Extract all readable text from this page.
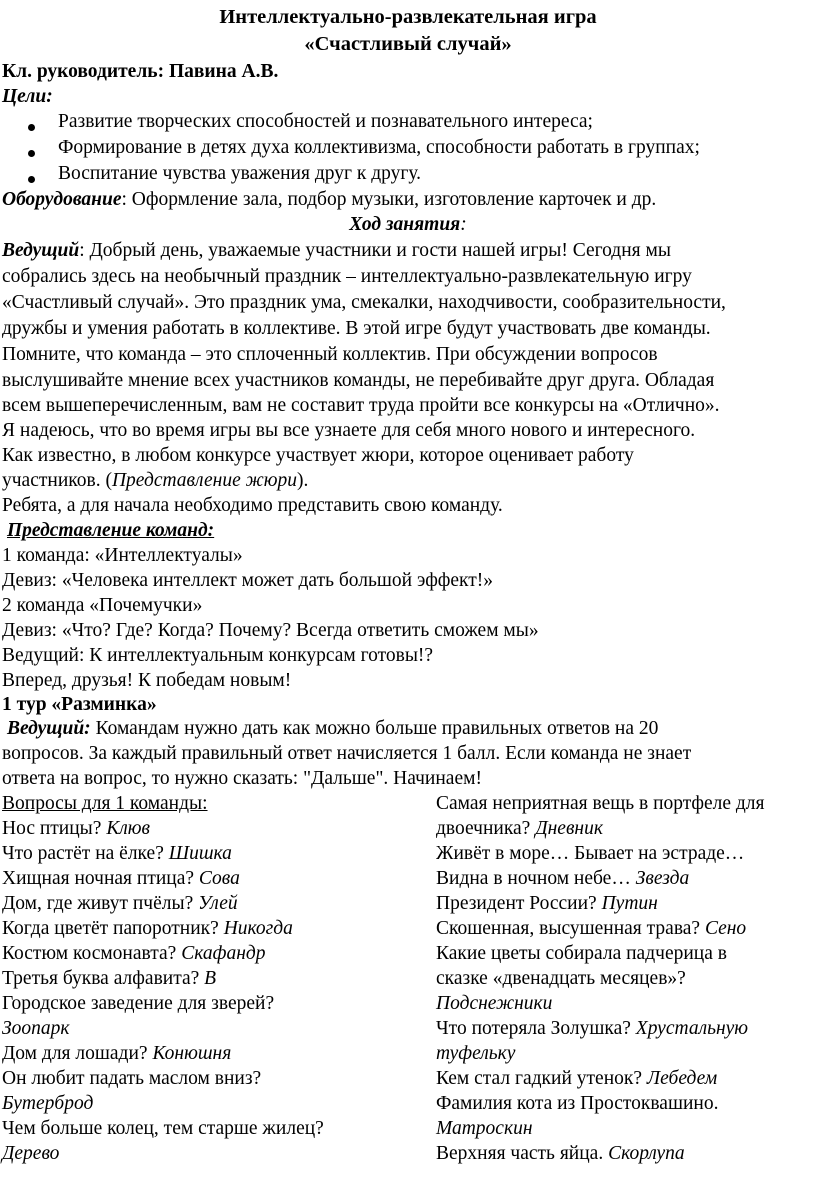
Интеллектуально-развлекательная игра
«Счастливый случай»
Кл. руководитель: Павина А.В.
Цели:
Развитие творческих способностей и познавательного интереса;
Формирование в детях духа коллективизма, способности работать в группах;
Воспитание чувства уважения друг к другу.
Оборудование: Оформление зала, подбор музыки, изготовление карточек и др.
Ход занятия:
Ведущий: Добрый день, уважаемые участники и гости нашей игры! Сегодня мы
собрались здесь на необычный праздник – интеллектуально-развлекательную игру
«Счастливый случай». Это праздник ума, смекалки, находчивости, сообразительности,
дружбы и умения работать в коллективе. В этой игре будут участвовать две команды.
Помните, что команда – это сплоченный коллектив. При обсуждении вопросов
выслушивайте мнение всех участников команды, не перебивайте друг друга. Обладая
всем вышеперечисленным, вам не составит труда пройти все конкурсы на «Отлично».
Я надеюсь, что во время игры вы все узнаете для себя много нового и интересного.
Как известно, в любом конкурсе участвует жюри, которое оценивает работу
участников. (Представление жюри).
Ребята, а для начала необходимо представить свою команду.
Представление команд:
1 команда: «Интеллектуалы»
Девиз: «Человека интеллект может дать большой эффект!»
2 команда «Почемучки»
Девиз: «Что? Где? Когда? Почему? Всегда ответить сможем мы»
Ведущий: К интеллектуальным конкурсам готовы!?
Вперед, друзья! К победам новым!
1 тур «Разминка»
Ведущий: Командам нужно дать как можно больше правильных ответов на 20
вопросов. За каждый правильный ответ начисляется 1 балл. Если команда не знает
ответа на вопрос, то нужно сказать: "Дальше". Начинаем!
Вопросы для 1 команды:
Нос птицы? Клюв
Что растёт на ёлке? Шишка
Хищная ночная птица? Сова
Дом, где живут пчёлы? Улей
Когда цветёт папоротник? Никогда
Костюм космонавта? Скафандр
Третья буква алфавита? В
Городское заведение для зверей?
Зоопарк
Дом для лошади? Конюшня
Он любит падать маслом вниз?
Бутерброд
Чем больше колец, тем старше жилец?
Дерево
Самая неприятная вещь в портфеле для
двоечника? Дневник
Живёт в море… Бывает на эстраде…
Видна в ночном небе… Звезда
Президент России? Путин
Скошенная, высушенная трава? Сено
Какие цветы собирала падчерица в
сказке «двенадцать месяцев»?
Подснежники
Что потеряла Золушка? Хрустальную
туфельку
Кем стал гадкий утенок? Лебедем
Фамилия кота из Простоквашино.
Матроскин
Верхняя часть яйца. Скорлупа
